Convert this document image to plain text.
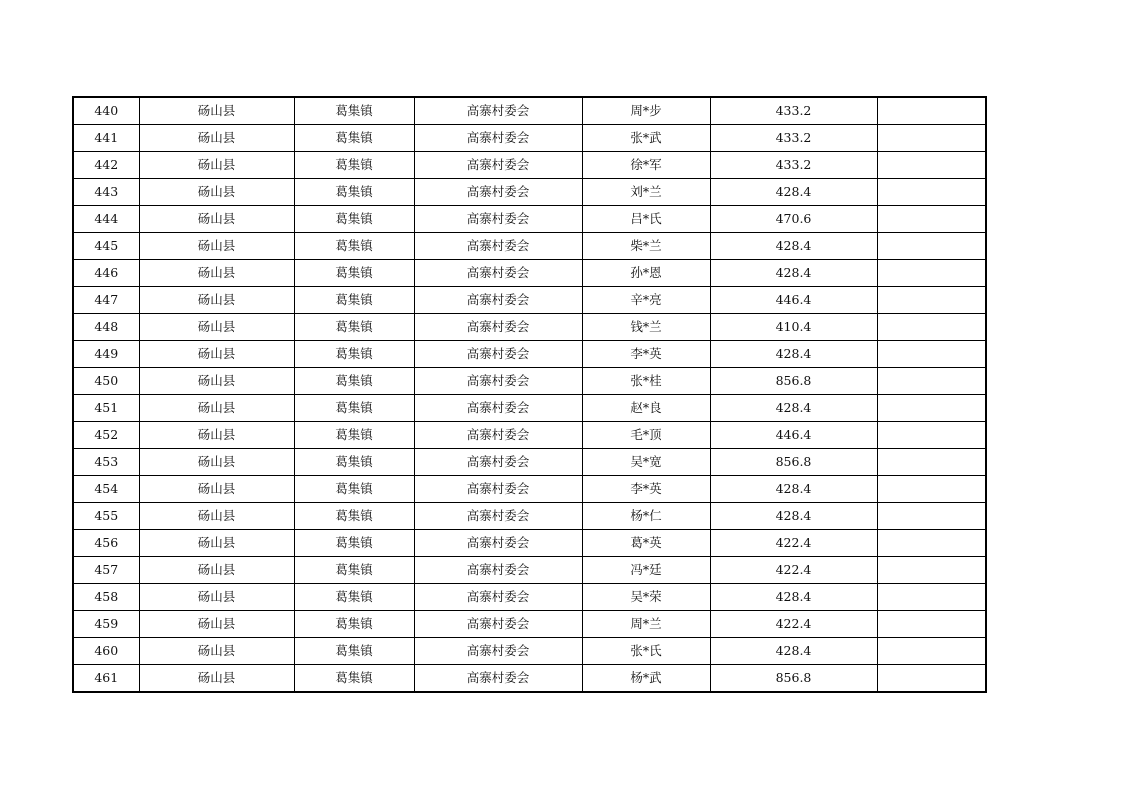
440	砀山县	葛集镇	高寨村委会	周*步	433.2	
441	砀山县	葛集镇	高寨村委会	张*武	433.2	
442	砀山县	葛集镇	高寨村委会	徐*军	433.2	
443	砀山县	葛集镇	高寨村委会	刘*兰	428.4	
444	砀山县	葛集镇	高寨村委会	吕*氏	470.6	
445	砀山县	葛集镇	高寨村委会	柴*兰	428.4	
446	砀山县	葛集镇	高寨村委会	孙*恩	428.4	
447	砀山县	葛集镇	高寨村委会	辛*亮	446.4	
448	砀山县	葛集镇	高寨村委会	钱*兰	410.4	
449	砀山县	葛集镇	高寨村委会	李*英	428.4	
450	砀山县	葛集镇	高寨村委会	张*桂	856.8	
451	砀山县	葛集镇	高寨村委会	赵*良	428.4	
452	砀山县	葛集镇	高寨村委会	毛*顶	446.4	
453	砀山县	葛集镇	高寨村委会	吴*宽	856.8	
454	砀山县	葛集镇	高寨村委会	李*英	428.4	
455	砀山县	葛集镇	高寨村委会	杨*仁	428.4	
456	砀山县	葛集镇	高寨村委会	葛*英	422.4	
457	砀山县	葛集镇	高寨村委会	冯*廷	422.4	
458	砀山县	葛集镇	高寨村委会	吴*荣	428.4	
459	砀山县	葛集镇	高寨村委会	周*兰	422.4	
460	砀山县	葛集镇	高寨村委会	张*氏	428.4	
461	砀山县	葛集镇	高寨村委会	杨*武	856.8	
